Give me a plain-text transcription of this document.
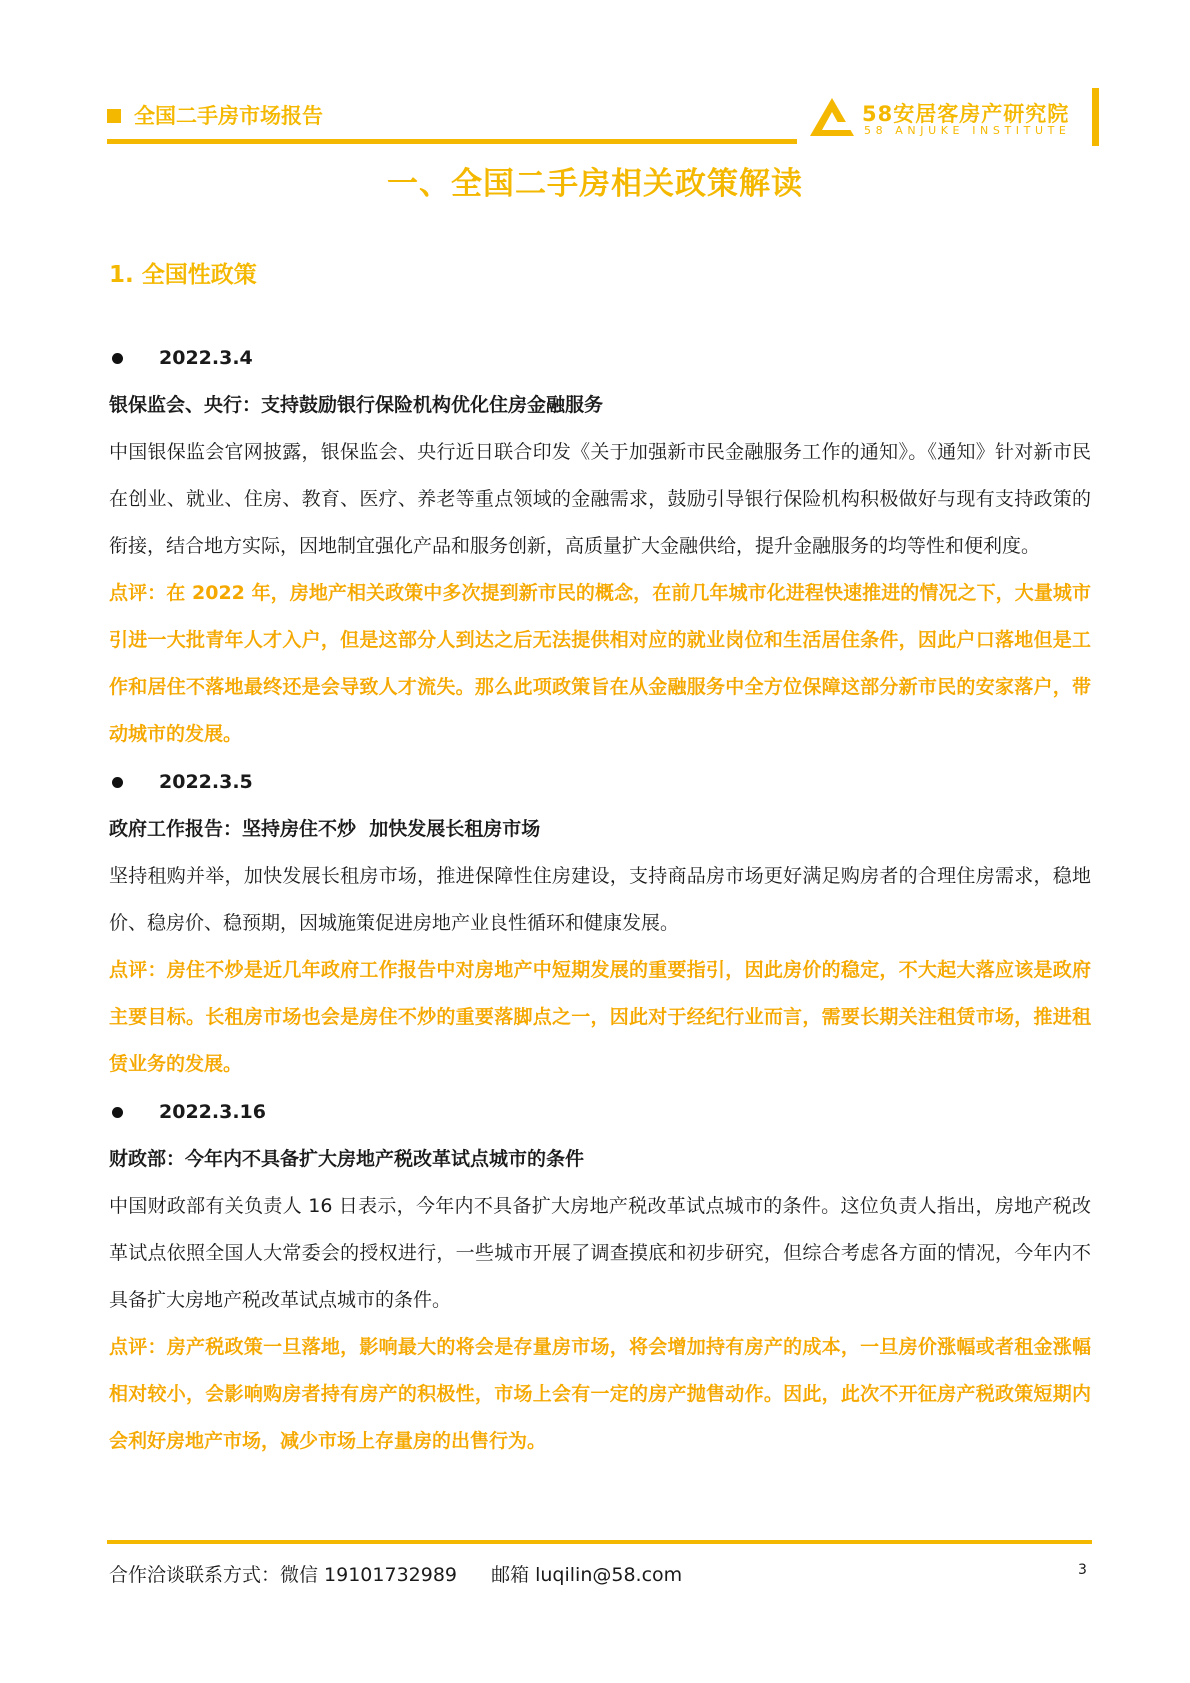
全国二手房市场报告	58安居客房产研究院
58 ANJUKE INSTITUTE
一、全国二手房相关政策解读
1. 全国性政策
2022.3.4
银保监会、央行：支持鼓励银行保险机构优化住房金融服务
中国银保监会官网披露，银保监会、央行近日联合印发《关于加强新市民金融服务工作的通知》。《通知》针对新市民在创业、就业、住房、教育、医疗、养老等重点领域的金融需求，鼓励引导银行保险机构积极做好与现有支持政策的衔接，结合地方实际，因地制宜强化产品和服务创新，高质量扩大金融供给，提升金融服务的均等性和便利度。
点评：在 2022 年，房地产相关政策中多次提到新市民的概念，在前几年城市化进程快速推进的情况之下，大量城市引进一大批青年人才入户，但是这部分人到达之后无法提供相对应的就业岗位和生活居住条件，因此户口落地但是工作和居住不落地最终还是会导致人才流失。那么此项政策旨在从金融服务中全方位保障这部分新市民的安家落户，带动城市的发展。
2022.3.5
政府工作报告：坚持房住不炒  加快发展长租房市场
坚持租购并举，加快发展长租房市场，推进保障性住房建设，支持商品房市场更好满足购房者的合理住房需求，稳地价、稳房价、稳预期，因城施策促进房地产业良性循环和健康发展。
点评：房住不炒是近几年政府工作报告中对房地产中短期发展的重要指引，因此房价的稳定，不大起大落应该是政府主要目标。长租房市场也会是房住不炒的重要落脚点之一，因此对于经纪行业而言，需要长期关注租赁市场，推进租赁业务的发展。
2022.3.16
财政部：今年内不具备扩大房地产税改革试点城市的条件
中国财政部有关负责人 16 日表示，今年内不具备扩大房地产税改革试点城市的条件。这位负责人指出，房地产税改革试点依照全国人大常委会的授权进行，一些城市开展了调查摸底和初步研究，但综合考虑各方面的情况，今年内不具备扩大房地产税改革试点城市的条件。
点评：房产税政策一旦落地，影响最大的将会是存量房市场，将会增加持有房产的成本，一旦房价涨幅或者租金涨幅相对较小，会影响购房者持有房产的积极性，市场上会有一定的房产抛售动作。因此，此次不开征房产税政策短期内会利好房地产市场，减少市场上存量房的出售行为。
合作洽谈联系方式：微信 19101732989 邮箱 luqilin@58.com	3
